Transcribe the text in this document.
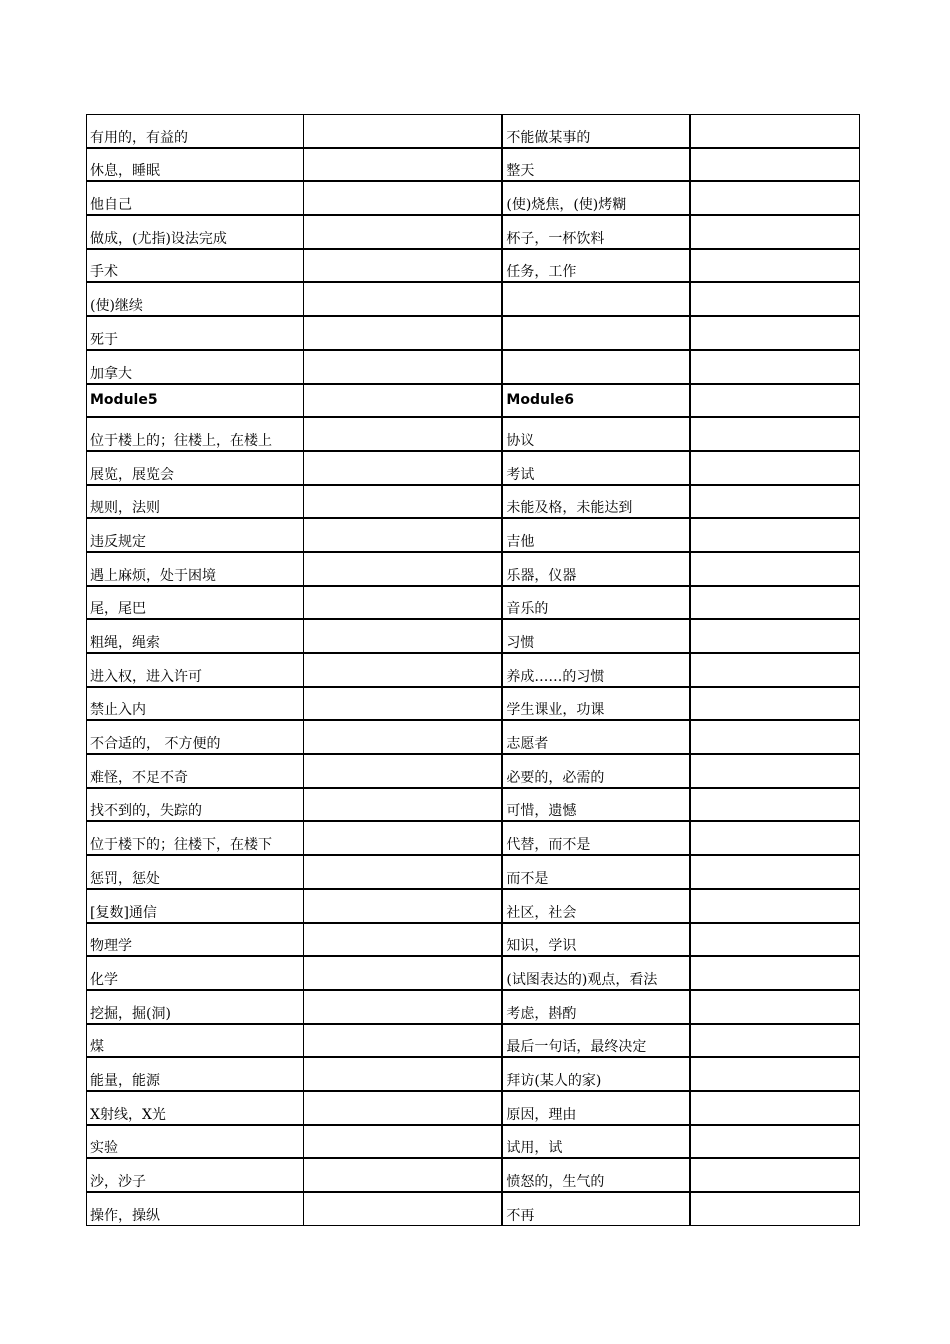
有用的，有益的		不能做某事的	
休息，睡眠		整天	
他自己		(使)烧焦，(使)烤糊	
做成，(尤指)设法完成		杯子，一杯饮料	
手术		任务，工作	
(使)继续			
死于			
加拿大			
Module5		Module6	
位于楼上的；往楼上，在楼上		协议	
展览，展览会		考试	
规则，法则		未能及格，未能达到	
违反规定		吉他	
遇上麻烦，处于困境		乐器，仪器	
尾，尾巴		音乐的	
粗绳，绳索		习惯	
进入权，进入许可		养成……的习惯	
禁止入内		学生课业，功课	
不合适的， 不方便的		志愿者	
难怪，不足不奇		必要的，必需的	
找不到的，失踪的		可惜，遗憾	
位于楼下的；往楼下，在楼下		代替，而不是	
惩罚，惩处		而不是	
[复数]通信		社区，社会	
物理学		知识，学识	
化学		(试图表达的)观点，看法	
挖掘，掘(洞)		考虑，斟酌	
煤		最后一句话，最终决定	
能量，能源		拜访(某人的家)	
X射线，X光		原因，理由	
实验		试用，试	
沙，沙子		愤怒的，生气的	
操作，操纵		不再	
